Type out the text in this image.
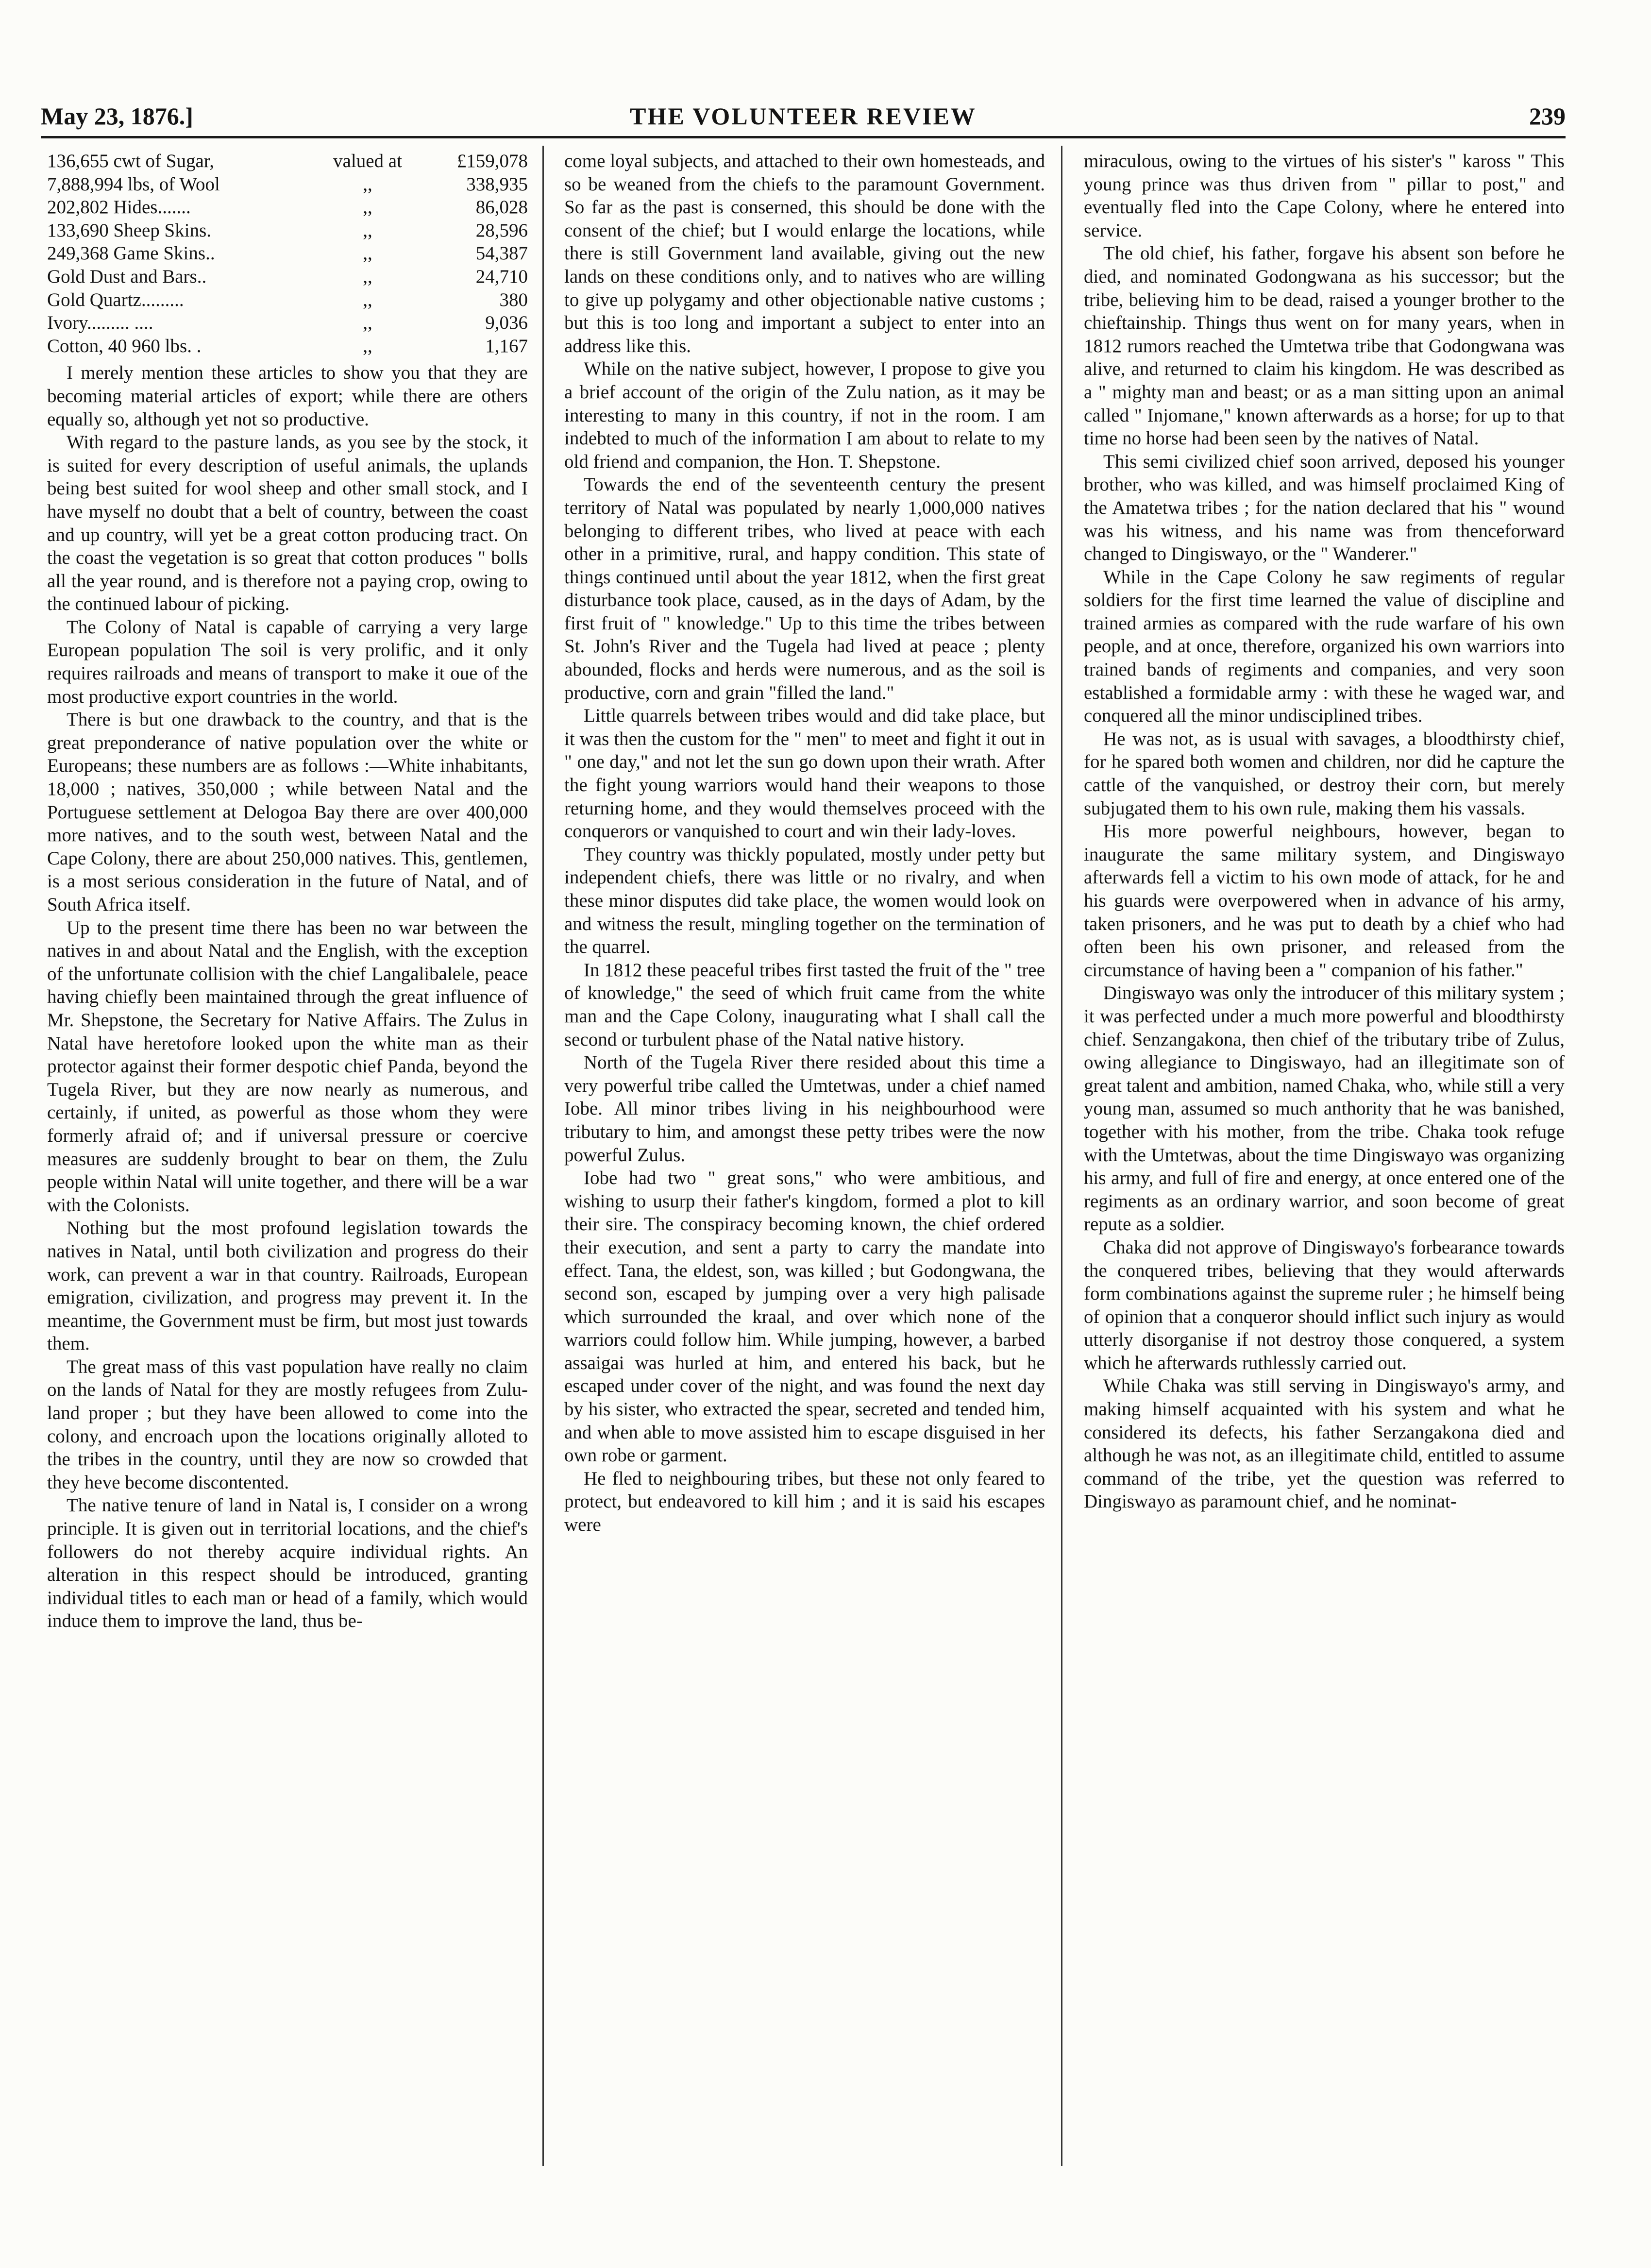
May 23, 1876.]	THE VOLUNTEER REVIEW	239
136,655 cwt of Sugar,	valued at	£159,078
7,888,994 lbs, of Wool	,,	338,935
202,802 Hides.......	,,	86,028
133,690 Sheep Skins.	,,	28,596
249,368 Game Skins..	,,	54,387
Gold Dust and Bars..	,,	24,710
Gold Quartz.........	,,	380
Ivory......... ....	,,	9,036
Cotton, 40 960 lbs. .	,,	1,167

I merely mention these articles to show you that they are becoming material articles of export; while there are others equally so, although yet not so productive.

With regard to the pasture lands, as you see by the stock, it is suited for every description of useful animals, the uplands being best suited for wool sheep and other small stock, and I have myself no doubt that a belt of country, between the coast and up country, will yet be a great cotton producing tract. On the coast the vegetation is so great that cotton produces " bolls all the year round, and is therefore not a paying crop, owing to the continued labour of picking.

The Colony of Natal is capable of carrying a very large European population The soil is very prolific, and it only requires railroads and means of transport to make it oue of the most productive export countries in the world.

There is but one drawback to the country, and that is the great preponderance of native population over the white or Europeans; these numbers are as follows :—White inhabitants, 18,000 ; natives, 350,000 ; while between Natal and the Portuguese settlement at Delogoa Bay there are over 400,000 more natives, and to the south west, between Natal and the Cape Colony, there are about 250,000 natives. This, gentlemen, is a most serious consideration in the future of Natal, and of South Africa itself.

Up to the present time there has been no war between the natives in and about Natal and the English, with the exception of the unfortunate collision with the chief Langalibalele, peace having chiefly been maintained through the great influence of Mr. Shepstone, the Secretary for Native Affairs. The Zulus in Natal have heretofore looked upon the white man as their protector against their former despotic chief Panda, beyond the Tugela River, but they are now nearly as numerous, and certainly, if united, as powerful as those whom they were formerly afraid of; and if universal pressure or coercive measures are suddenly brought to bear on them, the Zulu people within Natal will unite together, and there will be a war with the Colonists.

Nothing but the most profound legislation towards the natives in Natal, until both civilization and progress do their work, can prevent a war in that country. Railroads, European emigration, civilization, and progress may prevent it. In the meantime, the Government must be firm, but most just towards them.

The great mass of this vast population have really no claim on the lands of Natal for they are mostly refugees from Zulu-land proper ; but they have been allowed to come into the colony, and encroach upon the locations originally alloted to the tribes in the country, until they are now so crowded that they heve become discontented.

The native tenure of land in Natal is, I consider on a wrong principle. It is given out in territorial locations, and the chief's followers do not thereby acquire individual rights. An alteration in this respect should be introduced, granting individual titles to each man or head of a family, which would induce them to improve the land, thus be-

come loyal subjects, and attached to their own homesteads, and so be weaned from the chiefs to the paramount Government. So far as the past is conserned, this should be done with the consent of the chief; but I would enlarge the locations, while there is still Government land available, giving out the new lands on these conditions only, and to natives who are willing to give up polygamy and other objectionable native customs ; but this is too long and important a subject to enter into an address like this.

While on the native subject, however, I propose to give you a brief account of the origin of the Zulu nation, as it may be interesting to many in this country, if not in the room. I am indebted to much of the information I am about to relate to my old friend and companion, the Hon. T. Shepstone.

Towards the end of the seventeenth century the present territory of Natal was populated by nearly 1,000,000 natives belonging to different tribes, who lived at peace with each other in a primitive, rural, and happy condition. This state of things continued until about the year 1812, when the first great disturbance took place, caused, as in the days of Adam, by the first fruit of " knowledge." Up to this time the tribes between St. John's River and the Tugela had lived at peace ; plenty abounded, flocks and herds were numerous, and as the soil is productive, corn and grain "filled the land."

Little quarrels between tribes would and did take place, but it was then the custom for the " men" to meet and fight it out in " one day," and not let the sun go down upon their wrath. After the fight young warriors would hand their weapons to those returning home, and they would themselves proceed with the conquerors or vanquished to court and win their lady-loves.

They country was thickly populated, mostly under petty but independent chiefs, there was little or no rivalry, and when these minor disputes did take place, the women would look on and witness the result, mingling together on the termination of the quarrel.

In 1812 these peaceful tribes first tasted the fruit of the " tree of knowledge," the seed of which fruit came from the white man and the Cape Colony, inaugurating what I shall call the second or turbulent phase of the Natal native history.

North of the Tugela River there resided about this time a very powerful tribe called the Umtetwas, under a chief named Iobe. All minor tribes living in his neighbourhood were tributary to him, and amongst these petty tribes were the now powerful Zulus.

Iobe had two " great sons," who were ambitious, and wishing to usurp their father's kingdom, formed a plot to kill their sire. The conspiracy becoming known, the chief ordered their execution, and sent a party to carry the mandate into effect. Tana, the eldest, son, was killed ; but Godongwana, the second son, escaped by jumping over a very high palisade which surrounded the kraal, and over which none of the warriors could follow him. While jumping, however, a barbed assaigai was hurled at him, and entered his back, but he escaped under cover of the night, and was found the next day by his sister, who extracted the spear, secreted and tended him, and when able to move assisted him to escape disguised in her own robe or garment.

He fled to neighbouring tribes, but these not only feared to protect, but endeavored to kill him ; and it is said his escapes were

miraculous, owing to the virtues of his sister's " kaross " This young prince was thus driven from " pillar to post," and eventually fled into the Cape Colony, where he entered into service.

The old chief, his father, forgave his absent son before he died, and nominated Godongwana as his successor; but the tribe, believing him to be dead, raised a younger brother to the chieftainship. Things thus went on for many years, when in 1812 rumors reached the Umtetwa tribe that Godongwana was alive, and returned to claim his kingdom. He was described as a " mighty man and beast; or as a man sitting upon an animal called " Injomane," known afterwards as a horse; for up to that time no horse had been seen by the natives of Natal.

This semi civilized chief soon arrived, deposed his younger brother, who was killed, and was himself proclaimed King of the Amatetwa tribes ; for the nation declared that his " wound was his witness, and his name was from thenceforward changed to Dingiswayo, or the " Wanderer."

While in the Cape Colony he saw regiments of regular soldiers for the first time learned the value of discipline and trained armies as compared with the rude warfare of his own people, and at once, therefore, organized his own warriors into trained bands of regiments and companies, and very soon established a formidable army : with these he waged war, and conquered all the minor undisciplined tribes.

He was not, as is usual with savages, a bloodthirsty chief, for he spared both women and children, nor did he capture the cattle of the vanquished, or destroy their corn, but merely subjugated them to his own rule, making them his vassals.

His more powerful neighbours, however, began to inaugurate the same military system, and Dingiswayo afterwards fell a victim to his own mode of attack, for he and his guards were overpowered when in advance of his army, taken prisoners, and he was put to death by a chief who had often been his own prisoner, and released from the circumstance of having been a " companion of his father."

Dingiswayo was only the introducer of this military system ; it was perfected under a much more powerful and bloodthirsty chief. Senzangakona, then chief of the tributary tribe of Zulus, owing allegiance to Dingiswayo, had an illegitimate son of great talent and ambition, named Chaka, who, while still a very young man, assumed so much anthority that he was banished, together with his mother, from the tribe. Chaka took refuge with the Umtetwas, about the time Dingiswayo was organizing his army, and full of fire and energy, at once entered one of the regiments as an ordinary warrior, and soon become of great repute as a soldier.

Chaka did not approve of Dingiswayo's forbearance towards the conquered tribes, believing that they would afterwards form combinations against the supreme ruler ; he himself being of opinion that a conqueror should inflict such injury as would utterly disorganise if not destroy those conquered, a system which he afterwards ruthlessly carried out.

While Chaka was still serving in Dingiswayo's army, and making himself acquainted with his system and what he considered its defects, his father Serzangakona died and although he was not, as an illegitimate child, entitled to assume command of the tribe, yet the question was referred to Dingiswayo as paramount chief, and he nominat-
